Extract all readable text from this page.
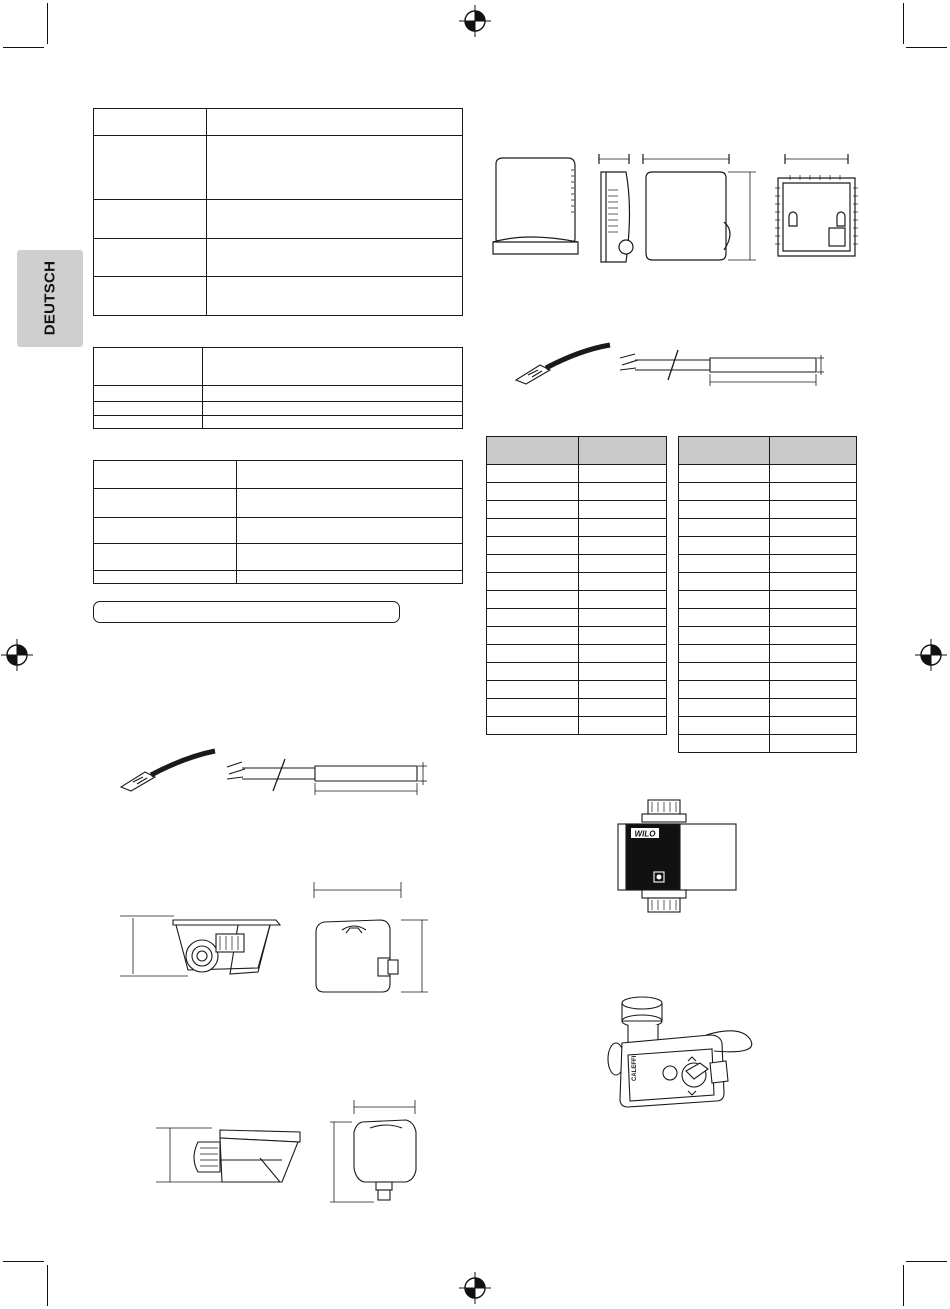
DEUTSCH
WILO
CALEFFI
